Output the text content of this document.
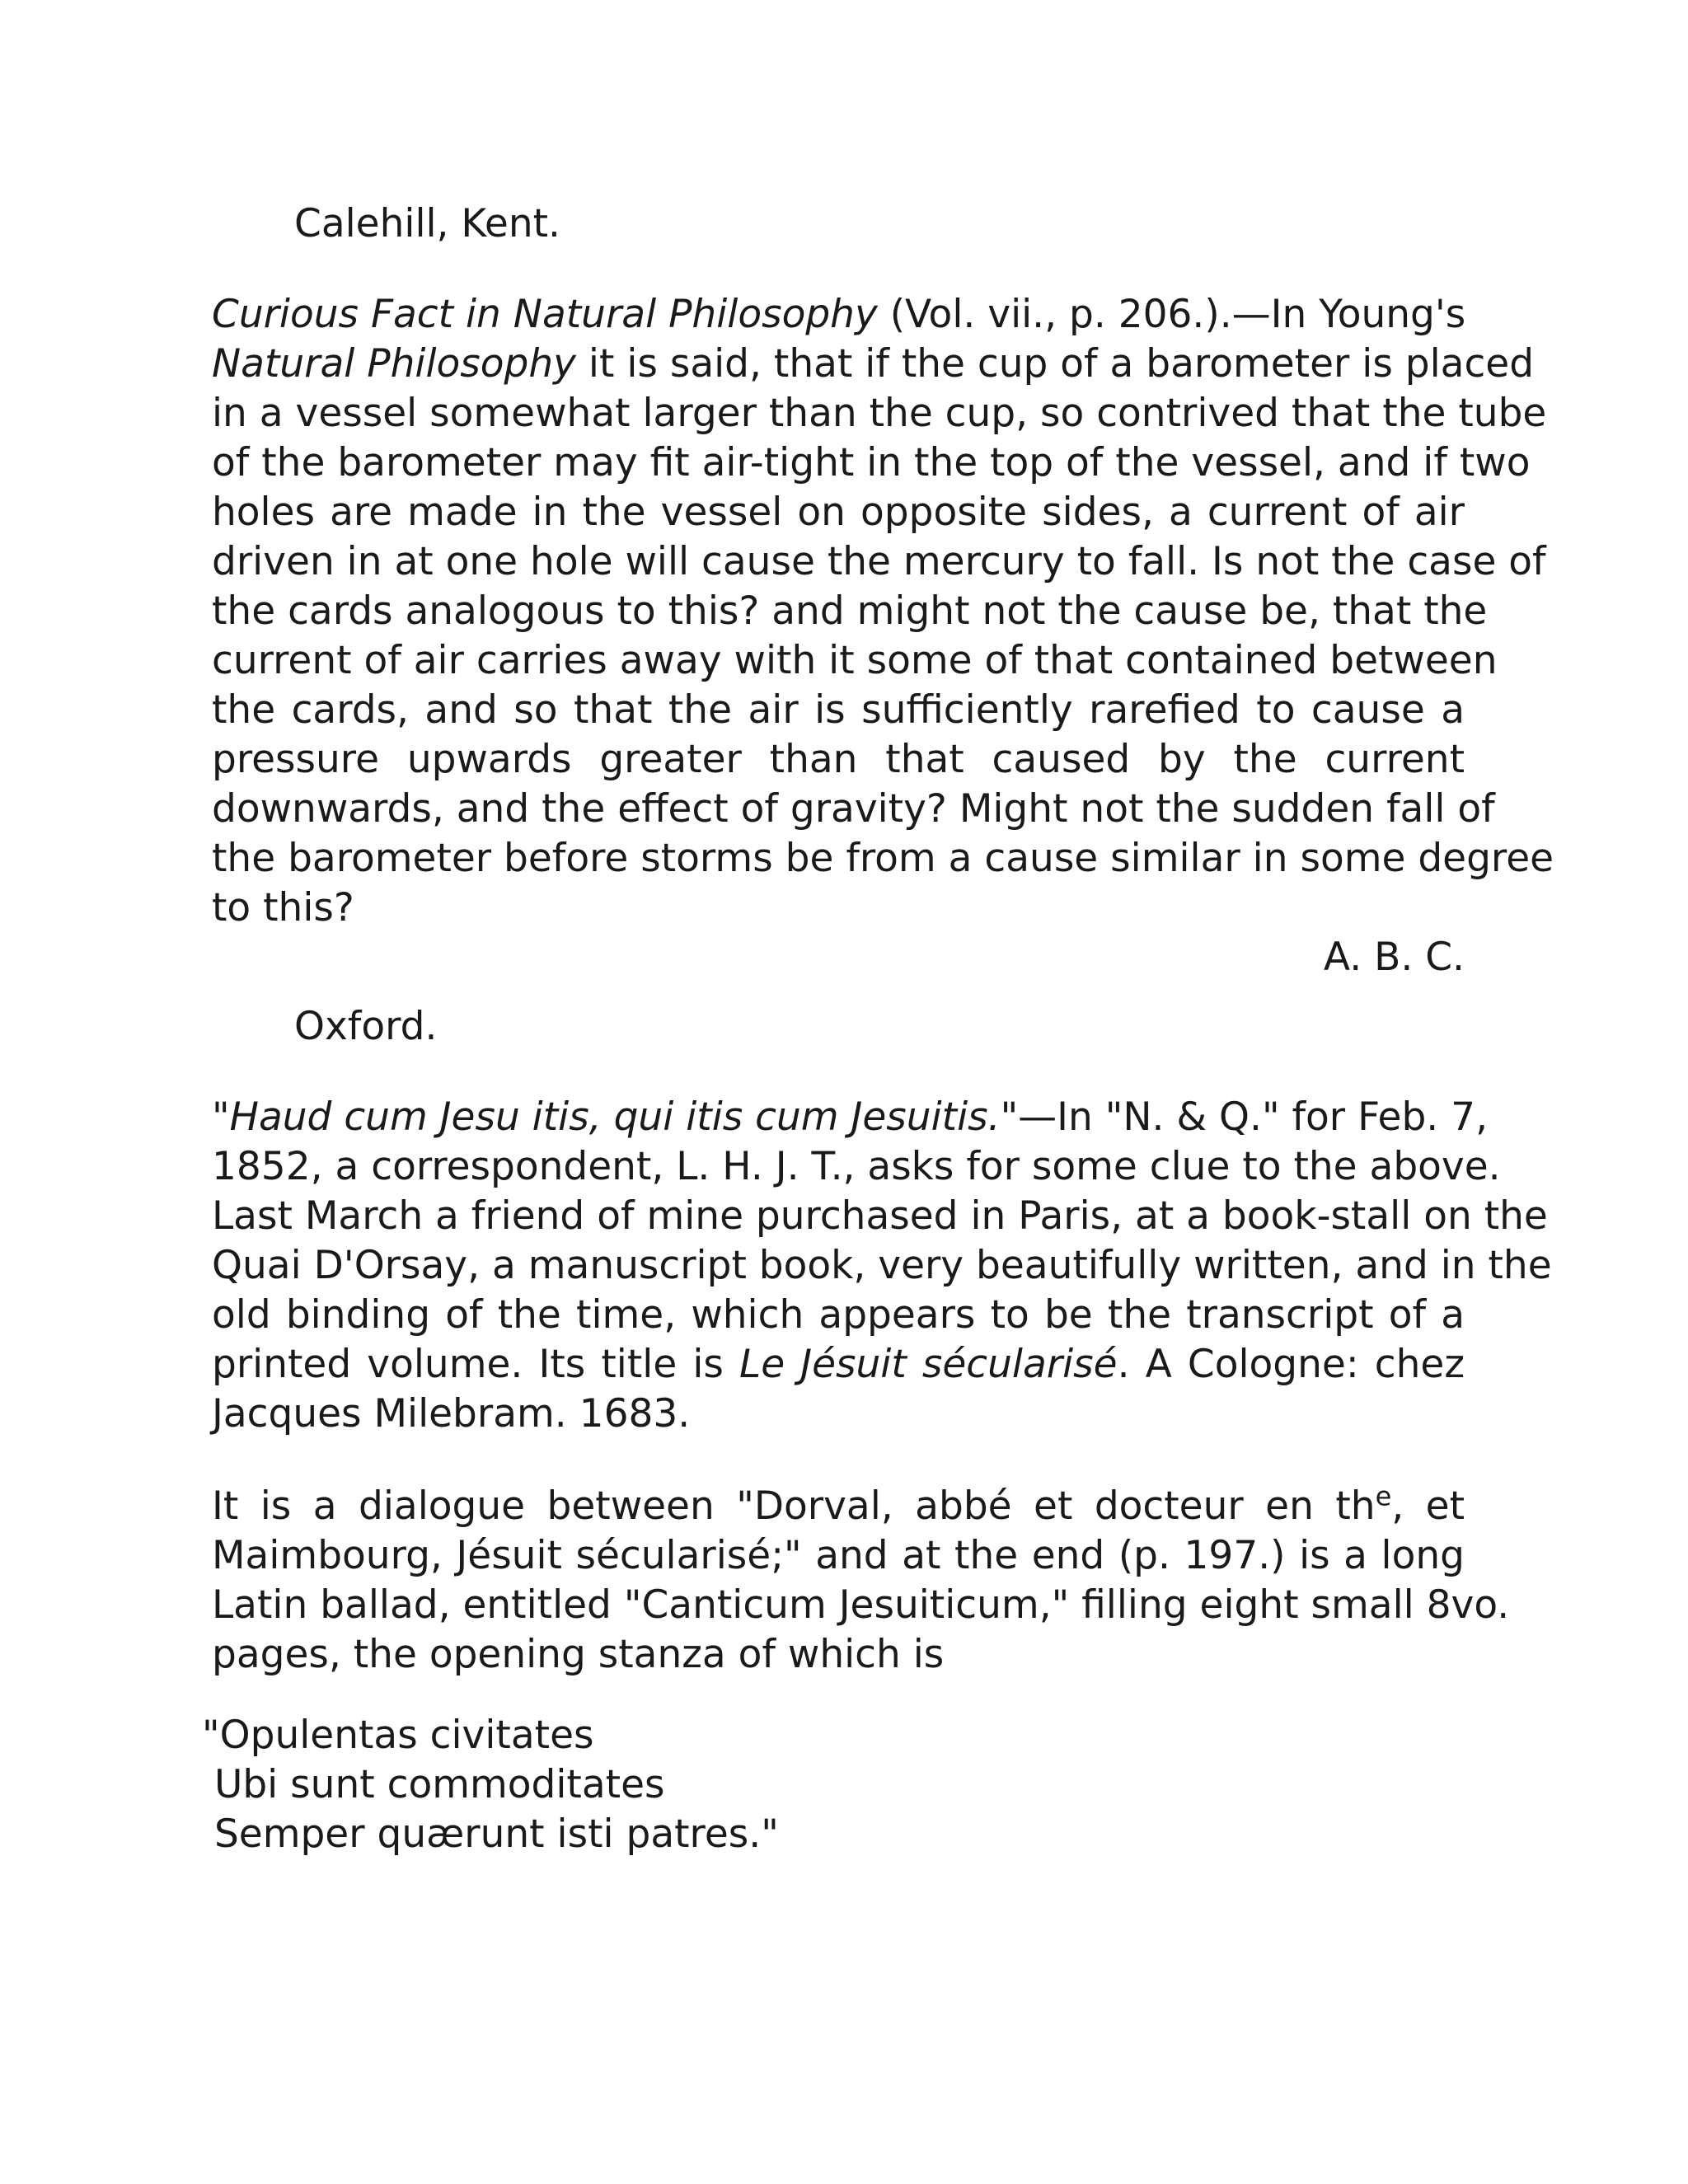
Calehill, Kent.
Curious Fact in Natural Philosophy (Vol. vii., p. 206.).—In Young's
Natural Philosophy it is said, that if the cup of a barometer is placed
in a vessel somewhat larger than the cup, so contrived that the tube
of the barometer may fit air-tight in the top of the vessel, and if two
holes are made in the vessel on opposite sides, a current of air
driven in at one hole will cause the mercury to fall. Is not the case of
the cards analogous to this? and might not the cause be, that the
current of air carries away with it some of that contained between
the cards, and so that the air is sufficiently rarefied to cause a
pressure upwards greater than that caused by the current
downwards, and the effect of gravity? Might not the sudden fall of
the barometer before storms be from a cause similar in some degree
to this?
A. B. C.
Oxford.
"Haud cum Jesu itis, qui itis cum Jesuitis."—In "N. & Q." for Feb. 7,
1852, a correspondent, L. H. J. T., asks for some clue to the above.
Last March a friend of mine purchased in Paris, at a book-stall on the
Quai D'Orsay, a manuscript book, very beautifully written, and in the
old binding of the time, which appears to be the transcript of a
printed volume. Its title is Le Jésuit sécularisé. A Cologne: chez
Jacques Milebram. 1683.
It is a dialogue between "Dorval, abbé et docteur en $th^e$, et
Maimbourg, Jésuit sécularisé;" and at the end (p. 197.) is a long
Latin ballad, entitled "Canticum Jesuiticum," filling eight small 8vo.
pages, the opening stanza of which is
"Opulentas civitates
Ubi sunt commoditates
Semper quærunt isti patres."
